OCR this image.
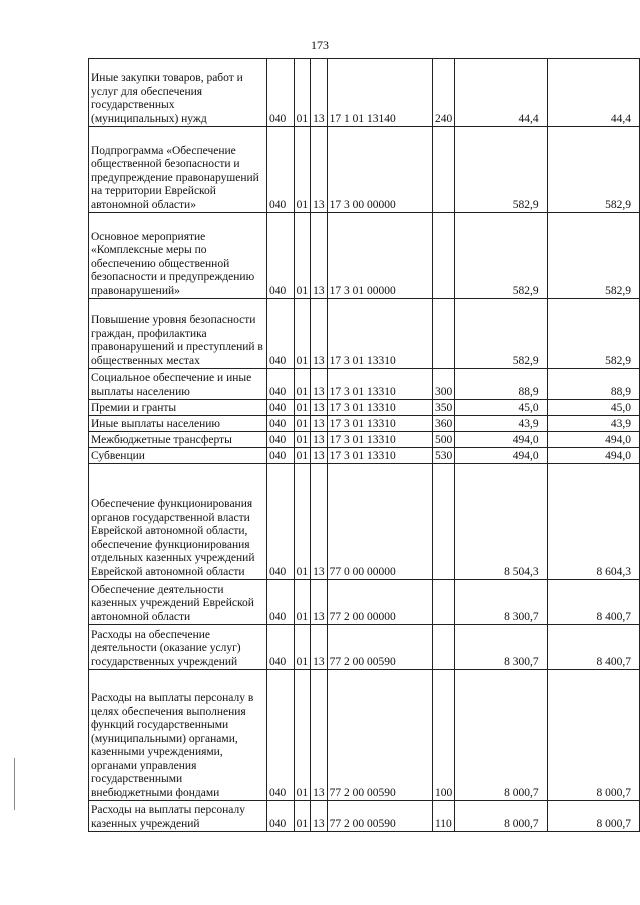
173
Иные закупки товаров, работ и услуг для обеспечения государственных (муниципальных) нужд	040	01	13	17 1 01 13140	240	44,4	44,4
Подпрограмма «Обеспечение общественной безопасности и предупреждение правонарушений на территории Еврейской автономной области»	040	01	13	17 3 00 00000		582,9	582,9
Основное мероприятие «Комплексные меры по обеспечению общественной безопасности и предупреждению правонарушений»	040	01	13	17 3 01 00000		582,9	582,9
Повышение уровня безопасности граждан, профилактика правонарушений и преступлений в общественных местах	040	01	13	17 3 01 13310		582,9	582,9
Социальное обеспечение и иные выплаты населению	040	01	13	17 3 01 13310	300	88,9	88,9
Премии и гранты	040	01	13	17 3 01 13310	350	45,0	45,0
Иные выплаты населению	040	01	13	17 3 01 13310	360	43,9	43,9
Межбюджетные трансферты	040	01	13	17 3 01 13310	500	494,0	494,0
Субвенции	040	01	13	17 3 01 13310	530	494,0	494,0
Обеспечение функционирования органов государственной власти Еврейской автономной области, обеспечение функционирования отдельных казенных учреждений Еврейской автономной области	040	01	13	77 0 00 00000		8 504,3	8 604,3
Обеспечение деятельности казенных учреждений Еврейской автономной области	040	01	13	77 2 00 00000		8 300,7	8 400,7
Расходы на обеспечение деятельности (оказание услуг) государственных учреждений	040	01	13	77 2 00 00590		8 300,7	8 400,7
Расходы на выплаты персоналу в целях обеспечения выполнения функций государственными (муниципальными) органами, казенными учреждениями, органами управления государственными внебюджетными фондами	040	01	13	77 2 00 00590	100	8 000,7	8 000,7
Расходы на выплаты персоналу казенных учреждений	040	01	13	77 2 00 00590	110	8 000,7	8 000,7
